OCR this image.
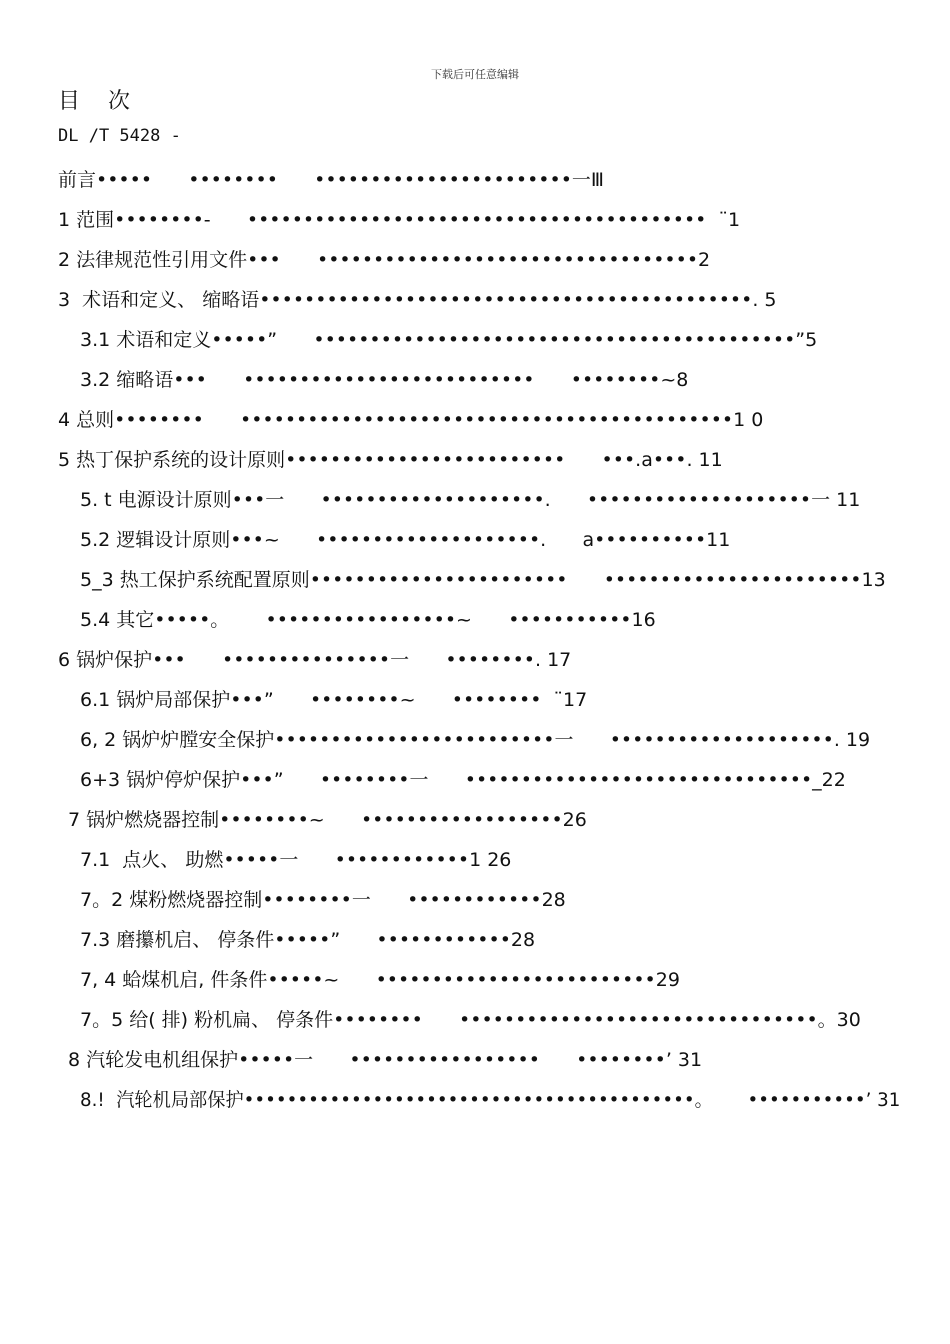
下载后可任意编辑
目    次
DL /T 5428 -
前言•••••      ••••••••      •••••••••••••••••••••••一Ⅲ
1 范围••••••••-      •••••••••••••••••••••••••••••••••••••••••  ¨1
2 法律规范性引用文件•••      ••••••••••••••••••••••••••••••••••2
3  术语和定义、 缩略语••••••••••••••••••••••••••••••••••••••••••••. 5
3.1 术语和定义•••••”      •••••••••••••••••••••••••••••••••••••••••••”5
3.2 缩略语•••      ••••••••••••••••••••••••••      ••••••••~8
4 总则••••••••      ••••••••••••••••••••••••••••••••••••••••••••1 0
5 热丁保护系统的设计原则•••••••••••••••••••••••••      •••.a•••. 11
5. t 电源设计原则•••一      ••••••••••••••••••••.      ••••••••••••••••••••一 11
5.2 逻辑设计原则•••~      ••••••••••••••••••••.      a••••••••••11
5_3 热工保护系统配置原则•••••••••••••••••••••••      •••••••••••••••••••••••13
5.4 其它•••••。      •••••••••••••••••~      •••••••••••16
6 锅炉保护•••      •••••••••••••••一      ••••••••. 17
6.1 锅炉局部保护•••”      ••••••••~      ••••••••  ¨17
6, 2 锅炉炉膛安全保护•••••••••••••••••••••••••一      ••••••••••••••••••••. 19
6+3 锅炉停炉保护•••”      ••••••••一      •••••••••••••••••••••••••••••••_22
7 锅炉燃烧器控制••••••••~      ••••••••••••••••••26
7.1  点火、 助燃•••••一      ••••••••••••1 26
7。2 煤粉燃烧器控制••••••••一      ••••••••••••28
7.3 磨攥机启、 停条件•••••”      ••••••••••••28
7, 4 蛤煤机启, 件条件•••••~      •••••••••••••••••••••••••29
7。5 给( 排) 粉机扁、 停条件••••••••      ••••••••••••••••••••••••••••••••。30
8 汽轮发电机组保护•••••一      •••••••••••••••••      ••••••••’ 31
8.!  汽轮机局部保护••••••••••••••••••••••••••••••••••••••••••。      •••••••••••’ 31
